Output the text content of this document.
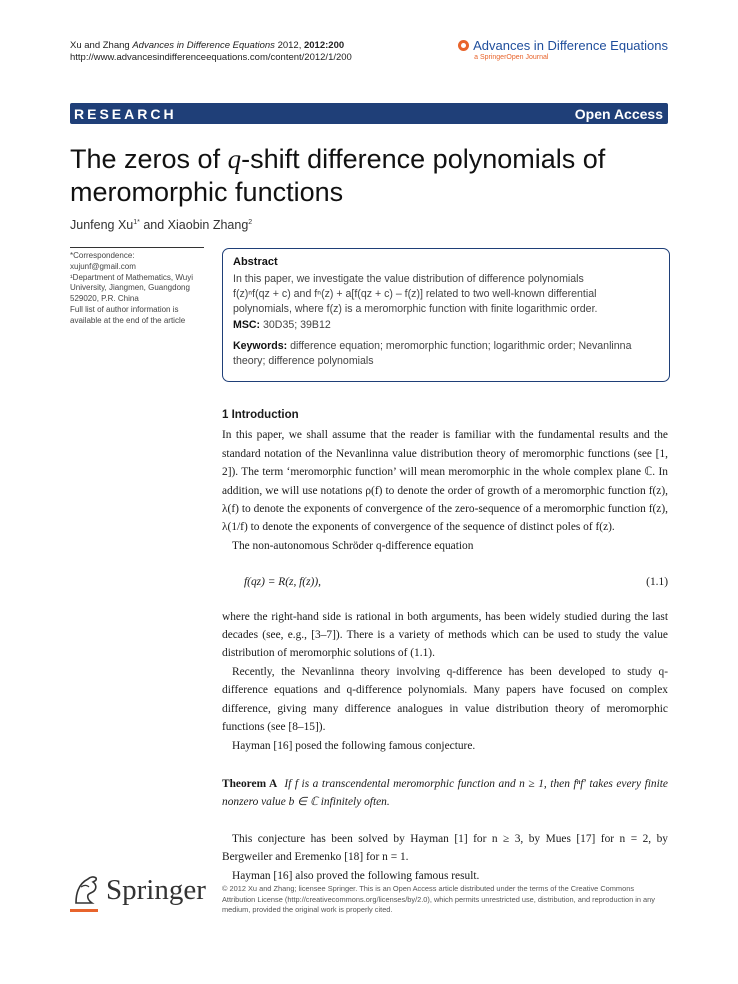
Xu and Zhang Advances in Difference Equations 2012, 2012:200
http://www.advancesindifferenceequations.com/content/2012/1/200
Advances in Difference Equations
a SpringerOpen Journal
RESEARCH	Open Access
The zeros of q-shift difference polynomials of meromorphic functions
Junfeng $Xu^{1*}$ and Xiaobin Zhang$^2$
*Correspondence:
xujunf@gmail.com
¹Department of Mathematics, Wuyi
University, Jiangmen, Guangdong
529020, P.R. China
Full list of author information is
available at the end of the article
Abstract
In this paper, we investigate the value distribution of difference polynomials
f(z)ⁿf(qz + c) and fⁿ(z) + a[f(qz + c) – f(z)] related to two well-known differential
polynomials, where f(z) is a meromorphic function with finite logarithmic order.
MSC: 30D35; 39B12
Keywords: difference equation; meromorphic function; logarithmic order; Nevanlinna theory; difference polynomials
1 Introduction

In this paper, we shall assume that the reader is familiar with the fundamental results and the standard notation of the Nevanlinna value distribution theory of meromorphic functions (see [1, 2]). The term ‘meromorphic function’ will mean meromorphic in the whole complex plane ℂ. In addition, we will use notations ρ(f) to denote the order of growth of a meromorphic function f(z), λ(f) to denote the exponents of convergence of the zero-sequence of a meromorphic function f(z), λ(1/f) to denote the exponents of convergence of the sequence of distinct poles of f(z).

The non-autonomous Schröder q-difference equation

f(qz) = R(z, f(z)),	(1.1)

where the right-hand side is rational in both arguments, has been widely studied during the last decades (see, e.g., [3–7]). There is a variety of methods which can be used to study the value distribution of meromorphic solutions of (1.1).

Recently, the Nevanlinna theory involving q-difference has been developed to study q-difference equations and q-difference polynomials. Many papers have focused on complex difference, giving many difference analogues in value distribution theory of meromorphic functions (see [8–15]).

Hayman [16] posed the following famous conjecture.

Theorem A If f is a transcendental meromorphic function and n ≥ 1, then fⁿf′ takes every finite nonzero value b ∈ ℂ infinitely often.

This conjecture has been solved by Hayman [1] for n ≥ 3, by Mues [17] for n = 2, by Bergweiler and Eremenko [18] for n = 1.

Hayman [16] also proved the following famous result.

Springer © 2012 Xu and Zhang; licensee Springer. This is an Open Access article distributed under the terms of the Creative Commons Attribution License (http://creativecommons.org/licenses/by/2.0), which permits unrestricted use, distribution, and reproduction in any medium, provided the original work is properly cited.
